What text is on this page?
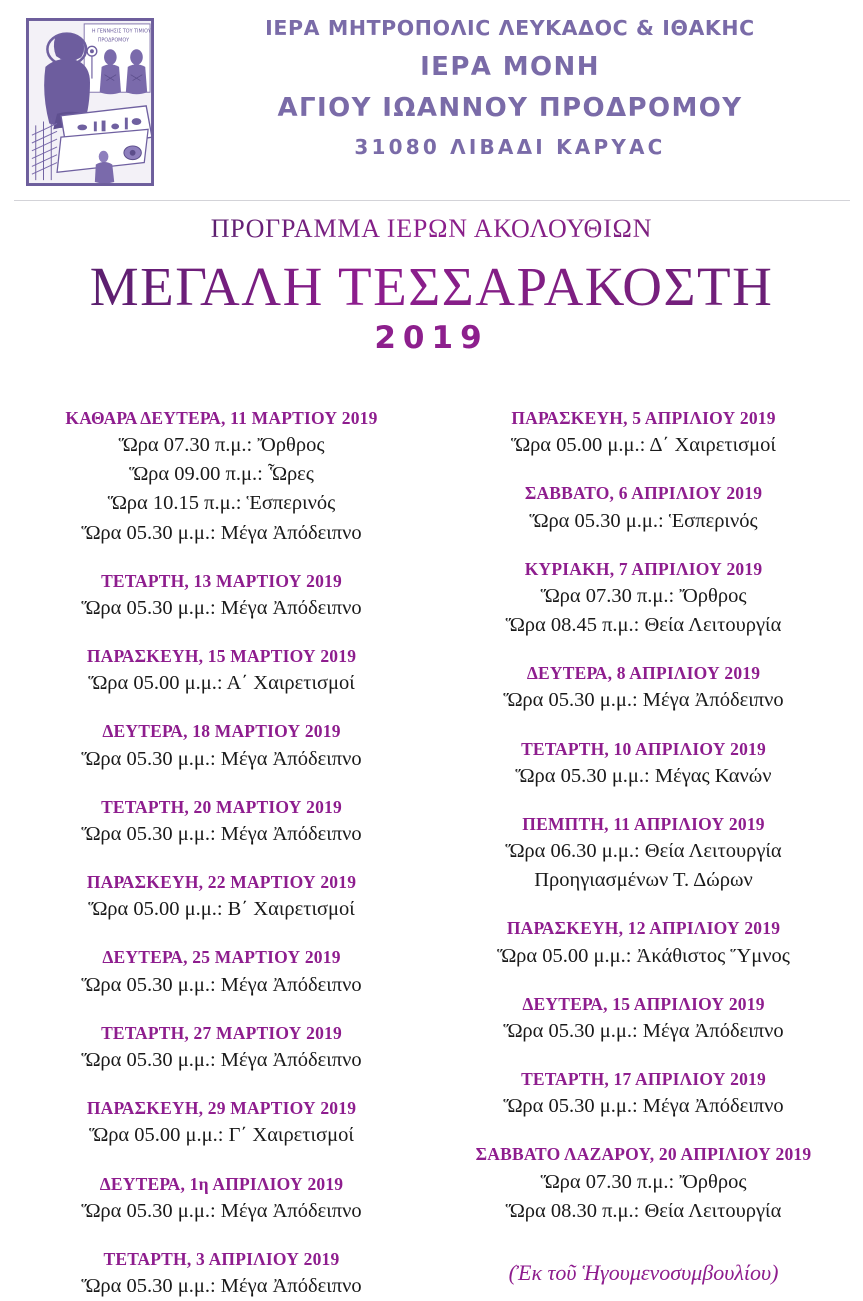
Η ΓΕΝΝΗΣΙΣ ΤΟΥ ΤΙΜΙΟΥ
ΠΡΟΔΡΟΜΟΥ
ΙΕΡΑ ΜΗΤΡΟΠΟΛΙϹ ΛΕΥΚΑΔΟϹ & ΙΘΑΚΗϹ
ΙΕΡΑ ΜΟΝΗ
ΑΓΙΟΥ ΙΩΑΝΝΟΥ ΠΡΟΔΡΟΜΟΥ
31080 ΛΙΒΑΔΙ ΚΑΡΥΑϹ
ΠΡΟΓΡΑΜΜΑ ΙΕΡΩΝ ΑΚΟΛΟΥΘΙΩΝ ΜΕΓΑΛΗ ΤΕΣΣΑΡΑΚΟΣΤΗ
2019
ΚΑΘΑΡΑ ΔΕΥΤΕΡΑ, 11 ΜΑΡΤΙΟΥ 2019
Ὥρα 07.30 π.μ.: Ὄρθρος
Ὥρα 09.00 π.μ.: Ὧρες
Ὥρα 10.15 π.μ.: Ἑσπερινός
Ὥρα 05.30 μ.μ.: Μέγα Ἀπόδειπνο
ΤΕΤΑΡΤΗ, 13 ΜΑΡΤΙΟΥ 2019
Ὥρα 05.30 μ.μ.: Μέγα Ἀπόδειπνο
ΠΑΡΑΣΚΕΥΗ, 15 ΜΑΡΤΙΟΥ 2019
Ὥρα 05.00 μ.μ.: Α΄ Χαιρετισμοί
ΔΕΥΤΕΡΑ, 18 ΜΑΡΤΙΟΥ 2019
Ὥρα 05.30 μ.μ.: Μέγα Ἀπόδειπνο
ΤΕΤΑΡΤΗ, 20 ΜΑΡΤΙΟΥ 2019
Ὥρα 05.30 μ.μ.: Μέγα Ἀπόδειπνο
ΠΑΡΑΣΚΕΥΗ, 22 ΜΑΡΤΙΟΥ 2019
Ὥρα 05.00 μ.μ.: Β΄ Χαιρετισμοί
ΔΕΥΤΕΡΑ, 25 ΜΑΡΤΙΟΥ 2019
Ὥρα 05.30 μ.μ.: Μέγα Ἀπόδειπνο
ΤΕΤΑΡΤΗ, 27 ΜΑΡΤΙΟΥ 2019
Ὥρα 05.30 μ.μ.: Μέγα Ἀπόδειπνο
ΠΑΡΑΣΚΕΥΗ, 29 ΜΑΡΤΙΟΥ 2019
Ὥρα 05.00 μ.μ.: Γ΄ Χαιρετισμοί
ΔΕΥΤΕΡΑ, 1η ΑΠΡΙΛΙΟΥ 2019
Ὥρα 05.30 μ.μ.: Μέγα Ἀπόδειπνο
ΤΕΤΑΡΤΗ, 3 ΑΠΡΙΛΙΟΥ 2019
Ὥρα 05.30 μ.μ.: Μέγα Ἀπόδειπνο
ΠΑΡΑΣΚΕΥΗ, 5 ΑΠΡΙΛΙΟΥ 2019
Ὥρα 05.00 μ.μ.: Δ΄ Χαιρετισμοί
ΣΑΒΒΑΤΟ, 6 ΑΠΡΙΛΙΟΥ 2019
Ὥρα 05.30 μ.μ.: Ἑσπερινός
ΚΥΡΙΑΚΗ, 7 ΑΠΡΙΛΙΟΥ 2019
Ὥρα 07.30 π.μ.: Ὄρθρος
Ὥρα 08.45 π.μ.: Θεία Λειτουργία
ΔΕΥΤΕΡΑ, 8 ΑΠΡΙΛΙΟΥ 2019
Ὥρα 05.30 μ.μ.: Μέγα Ἀπόδειπνο
ΤΕΤΑΡΤΗ, 10 ΑΠΡΙΛΙΟΥ 2019
Ὥρα 05.30 μ.μ.: Μέγας Κανών
ΠΕΜΠΤΗ, 11 ΑΠΡΙΛΙΟΥ 2019
Ὥρα 06.30 μ.μ.: Θεία Λειτουργία
Προηγιασμένων Τ. Δώρων
ΠΑΡΑΣΚΕΥΗ, 12 ΑΠΡΙΛΙΟΥ 2019
Ὥρα 05.00 μ.μ.: Ἀκάθιστος Ὕμνος
ΔΕΥΤΕΡΑ, 15 ΑΠΡΙΛΙΟΥ 2019
Ὥρα 05.30 μ.μ.: Μέγα Ἀπόδειπνο
ΤΕΤΑΡΤΗ, 17 ΑΠΡΙΛΙΟΥ 2019
Ὥρα 05.30 μ.μ.: Μέγα Ἀπόδειπνο
ΣΑΒΒΑΤΟ ΛΑΖΑΡΟΥ, 20 ΑΠΡΙΛΙΟΥ 2019
Ὥρα 07.30 π.μ.: Ὄρθρος
Ὥρα 08.30 π.μ.: Θεία Λειτουργία
(Ἐκ τοῦ Ἡγουμενοσυμβουλίου)
